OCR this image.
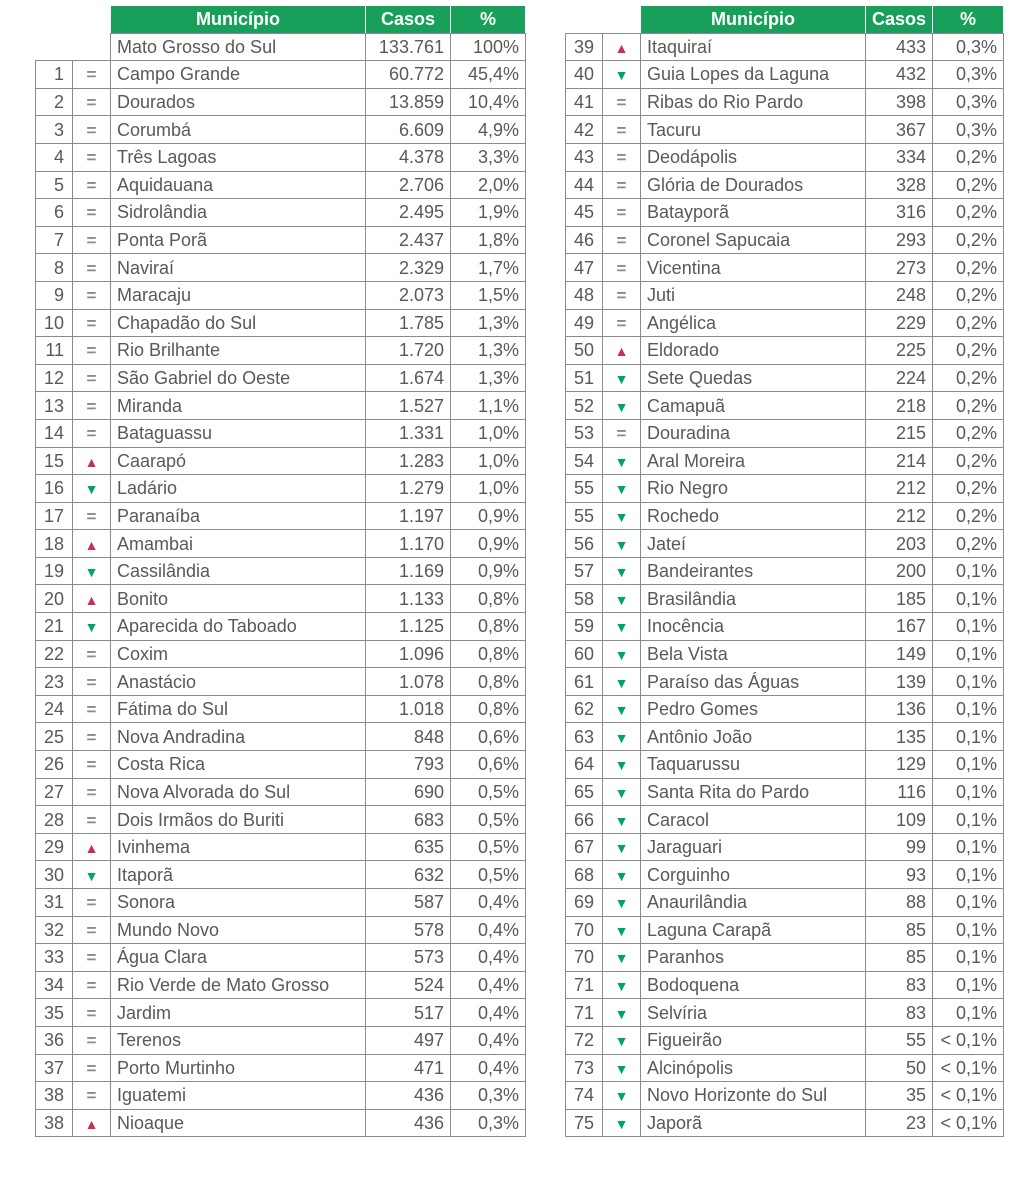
		Município	Casos	%
		Mato Grosso do Sul	133.761	100%
1	=	Campo Grande	60.772	45,4%
2	=	Dourados	13.859	10,4%
3	=	Corumbá	6.609	4,9%
4	=	Três Lagoas	4.378	3,3%
5	=	Aquidauana	2.706	2,0%
6	=	Sidrolândia	2.495	1,9%
7	=	Ponta Porã	2.437	1,8%
8	=	Naviraí	2.329	1,7%
9	=	Maracaju	2.073	1,5%
10	=	Chapadão do Sul	1.785	1,3%
11	=	Rio Brilhante	1.720	1,3%
12	=	São Gabriel do Oeste	1.674	1,3%
13	=	Miranda	1.527	1,1%
14	=	Bataguassu	1.331	1,0%
15	▲	Caarapó	1.283	1,0%
16	▼	Ladário	1.279	1,0%
17	=	Paranaíba	1.197	0,9%
18	▲	Amambai	1.170	0,9%
19	▼	Cassilândia	1.169	0,9%
20	▲	Bonito	1.133	0,8%
21	▼	Aparecida do Taboado	1.125	0,8%
22	=	Coxim	1.096	0,8%
23	=	Anastácio	1.078	0,8%
24	=	Fátima do Sul	1.018	0,8%
25	=	Nova Andradina	848	0,6%
26	=	Costa Rica	793	0,6%
27	=	Nova Alvorada do Sul	690	0,5%
28	=	Dois Irmãos do Buriti	683	0,5%
29	▲	Ivinhema	635	0,5%
30	▼	Itaporã	632	0,5%
31	=	Sonora	587	0,4%
32	=	Mundo Novo	578	0,4%
33	=	Água Clara	573	0,4%
34	=	Rio Verde de Mato Grosso	524	0,4%
35	=	Jardim	517	0,4%
36	=	Terenos	497	0,4%
37	=	Porto Murtinho	471	0,4%
38	=	Iguatemi	436	0,3%
38	▲	Nioaque	436	0,3%
		Município	Casos	%
39	▲	Itaquiraí	433	0,3%
40	▼	Guia Lopes da Laguna	432	0,3%
41	=	Ribas do Rio Pardo	398	0,3%
42	=	Tacuru	367	0,3%
43	=	Deodápolis	334	0,2%
44	=	Glória de Dourados	328	0,2%
45	=	Batayporã	316	0,2%
46	=	Coronel Sapucaia	293	0,2%
47	=	Vicentina	273	0,2%
48	=	Juti	248	0,2%
49	=	Angélica	229	0,2%
50	▲	Eldorado	225	0,2%
51	▼	Sete Quedas	224	0,2%
52	▼	Camapuã	218	0,2%
53	=	Douradina	215	0,2%
54	▼	Aral Moreira	214	0,2%
55	▼	Rio Negro	212	0,2%
55	▼	Rochedo	212	0,2%
56	▼	Jateí	203	0,2%
57	▼	Bandeirantes	200	0,1%
58	▼	Brasilândia	185	0,1%
59	▼	Inocência	167	0,1%
60	▼	Bela Vista	149	0,1%
61	▼	Paraíso das Águas	139	0,1%
62	▼	Pedro Gomes	136	0,1%
63	▼	Antônio João	135	0,1%
64	▼	Taquarussu	129	0,1%
65	▼	Santa Rita do Pardo	116	0,1%
66	▼	Caracol	109	0,1%
67	▼	Jaraguari	99	0,1%
68	▼	Corguinho	93	0,1%
69	▼	Anaurilândia	88	0,1%
70	▼	Laguna Carapã	85	0,1%
70	▼	Paranhos	85	0,1%
71	▼	Bodoquena	83	0,1%
71	▼	Selvíria	83	0,1%
72	▼	Figueirão	55	< 0,1%
73	▼	Alcinópolis	50	< 0,1%
74	▼	Novo Horizonte do Sul	35	< 0,1%
75	▼	Japorã	23	< 0,1%
